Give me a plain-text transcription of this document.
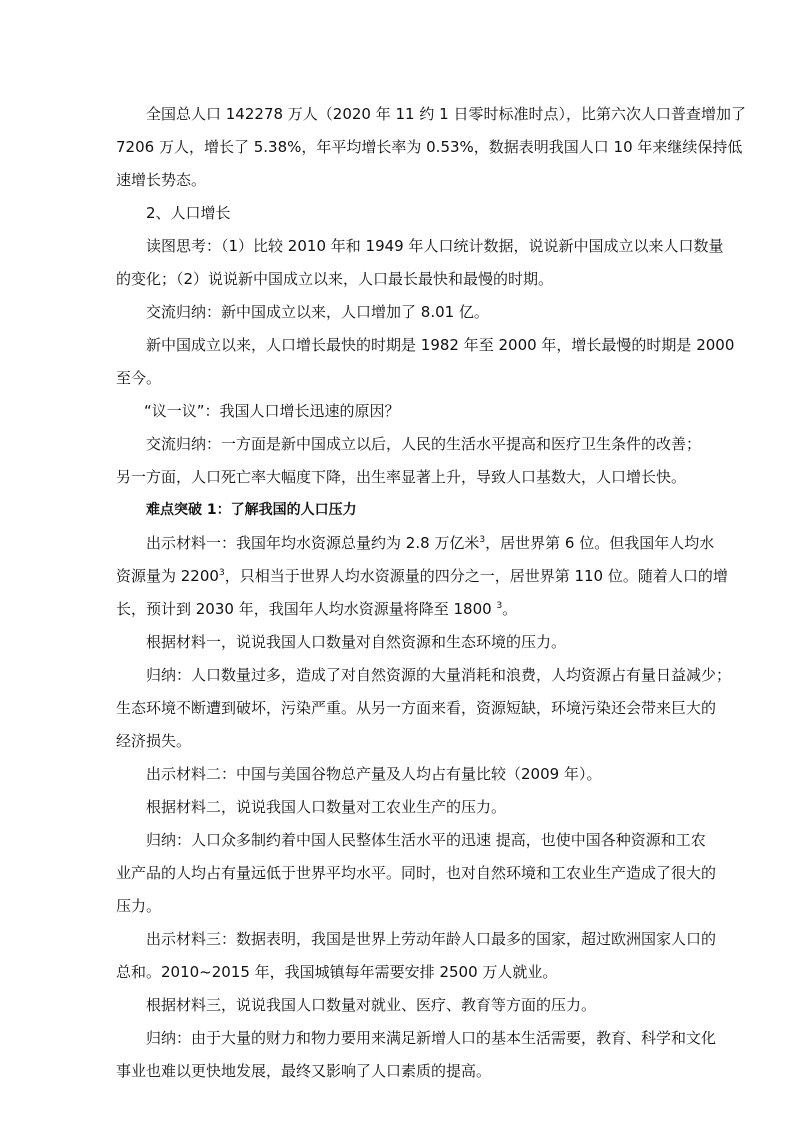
全国总人口 142278 万人（2020 年 11 约 1 日零时标准时点），比第六次人口普查增加了
7206 万人，增长了 5.38%，年平均增长率为 0.53%，数据表明我国人口 10 年来继续保持低
速增长势态。
2、人口增长
读图思考：（1）比较 2010 年和 1949 年人口统计数据，说说新中国成立以来人口数量
的变化；（2）说说新中国成立以来，人口最长最快和最慢的时期。
交流归纳：新中国成立以来，人口增加了 8.01 亿。
新中国成立以来，人口增长最快的时期是 1982 年至 2000 年，增长最慢的时期是 2000
至今。
“议一议”：我国人口增长迅速的原因？
交流归纳：一方面是新中国成立以后，人民的生活水平提高和医疗卫生条件的改善；
另一方面，人口死亡率大幅度下降，出生率显著上升，导致人口基数大，人口增长快。
难点突破 1：了解我国的人口压力
出示材料一：我国年均水资源总量约为 2.8 万亿米$^3$，居世界第 6 位。但我国年人均水
资源量为 2200$^3$，只相当于世界人均水资源量的四分之一，居世界第 110 位。随着人口的增
长，预计到 2030 年，我国年人均水资源量将降至 1800 $^3$。
根据材料一，说说我国人口数量对自然资源和生态环境的压力。
归纳：人口数量过多，造成了对自然资源的大量消耗和浪费，人均资源占有量日益减少；
生态环境不断遭到破坏，污染严重。从另一方面来看，资源短缺，环境污染还会带来巨大的
经济损失。
出示材料二：中国与美国谷物总产量及人均占有量比较（2009 年）。
根据材料二，说说我国人口数量对工农业生产的压力。
归纳：人口众多制约着中国人民整体生活水平的迅速 提高，也使中国各种资源和工农
业产品的人均占有量远低于世界平均水平。同时，也对自然环境和工农业生产造成了很大的
压力。
出示材料三：数据表明，我国是世界上劳动年龄人口最多的国家，超过欧洲国家人口的
总和。2010~2015 年，我国城镇每年需要安排 2500 万人就业。
根据材料三，说说我国人口数量对就业、医疗、教育等方面的压力。
归纳：由于大量的财力和物力要用来满足新增人口的基本生活需要，教育、科学和文化
事业也难以更快地发展，最终又影响了人口素质的提高。
